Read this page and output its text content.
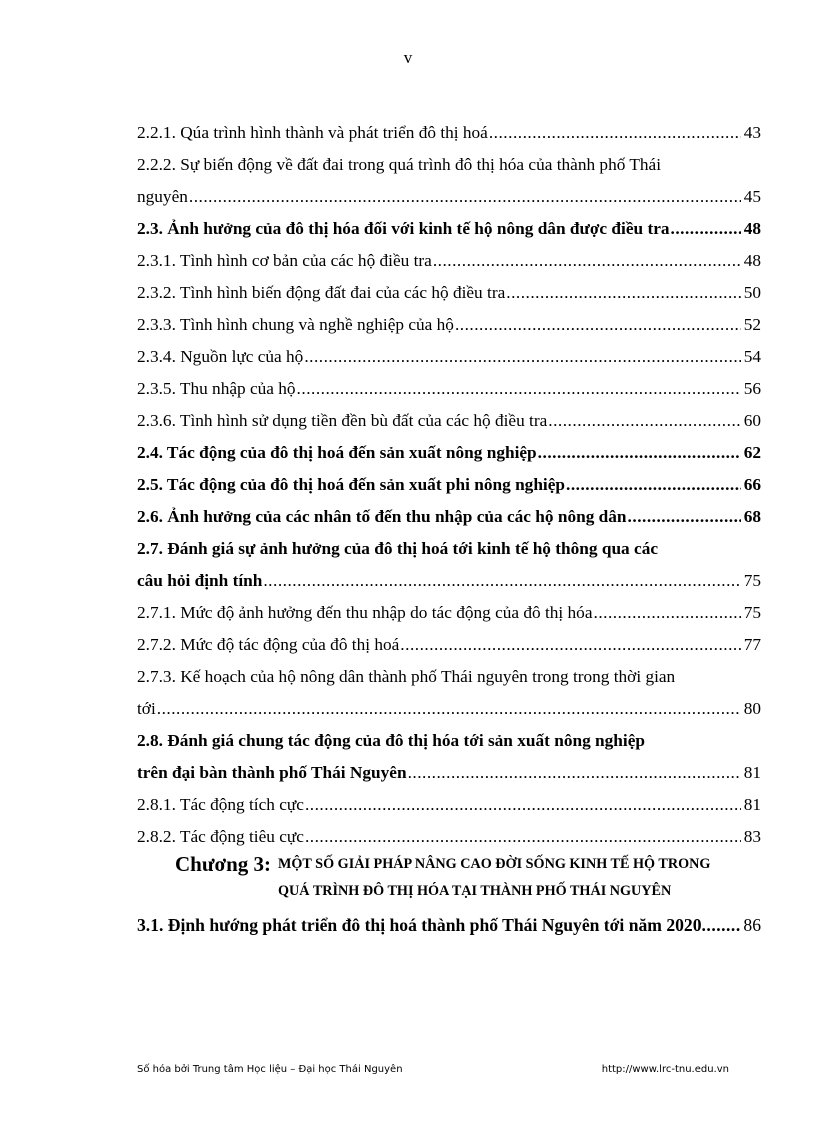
v
2.2.1. Qúa trình hình thành và phát triển đô thị hoá .....	43
2.2.2. Sự biến động về đất đai trong quá trình đô thị hóa của thành phố Thái
nguyên .....	45
2.3. Ảnh hưởng của đô thị hóa đối với kinh tế hộ nông dân được điều tra .....	48
2.3.1. Tình hình cơ bản của các hộ điều tra .....	48
2.3.2. Tình hình biến động đất đai của các hộ điều tra .....	50
2.3.3. Tình hình chung và nghề nghiệp của hộ .....	52
2.3.4. Nguồn lực của hộ .....	54
2.3.5. Thu nhập của hộ .....	56
2.3.6. Tình hình sử dụng tiền đền bù đất của các hộ điều tra .....	60
2.4. Tác động của đô thị hoá đến sản xuất nông nghiệp .....	62
2.5. Tác động của đô thị hoá đến sản xuất phi nông nghiệp .....	66
2.6. Ảnh hưởng của các nhân tố đến thu nhập của các hộ nông dân .....	68
2.7. Đánh giá sự ảnh hưởng của đô thị hoá tới kinh tế hộ thông qua các
câu hỏi định tính .....	75
2.7.1. Mức độ ảnh hưởng đến thu nhập do tác động của đô thị hóa .....	75
2.7.2. Mức độ tác động của đô thị hoá .....	77
2.7.3. Kế hoạch của hộ nông dân thành phố Thái nguyên trong trong thời gian
tới .....	80
2.8. Đánh giá chung tác động của đô thị hóa tới sản xuất nông nghiệp
trên đại bàn thành phố Thái Nguyên .....	81
2.8.1. Tác động tích cực .....	81
2.8.2. Tác động tiêu cực .....	83
Chương 3: MỘT SỐ GIẢI PHÁP NÂNG CAO ĐỜI SỐNG KINH TẾ HỘ TRONG QUÁ TRÌNH ĐÔ THỊ HÓA TẠI THÀNH PHỐ THÁI NGUYÊN
3.1. Định hướng phát triển đô thị hoá thành phố Thái Nguyên tới năm 2020 ..... 86
Số hóa bởi Trung tâm Học liệu – Đại học Thái Nguyên	http://www.lrc-tnu.edu.vn
